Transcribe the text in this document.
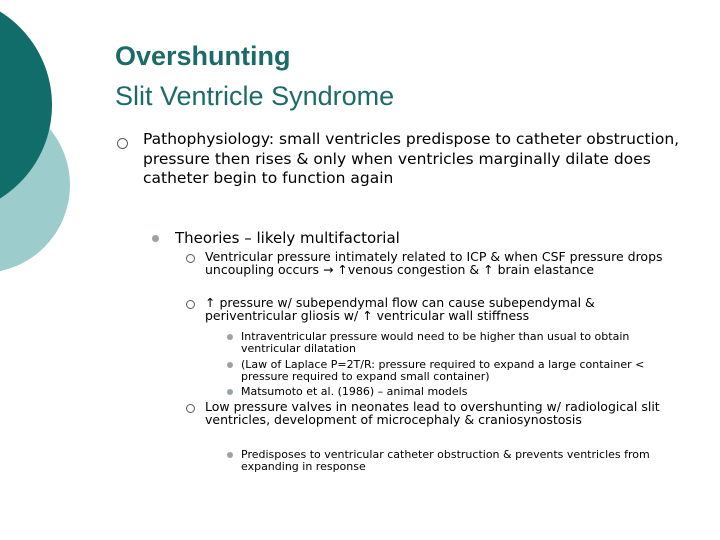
Overshunting
Slit Ventricle Syndrome
Pathophysiology: small ventricles predispose to catheter obstruction, pressure then rises & only when ventricles marginally dilate does catheter begin to function again
Theories – likely multifactorial
Ventricular pressure intimately related to ICP & when CSF pressure drops uncoupling occurs → ↑venous congestion & ↑ brain elastance
↑ pressure w/ subependymal flow can cause subependymal & periventricular gliosis w/ ↑ ventricular wall stiffness
Intraventricular pressure would need to be higher than usual to obtain ventricular dilatation
(Law of Laplace P=2T/R: pressure required to expand a large container < pressure required to expand small container)
Matsumoto et al. (1986) – animal models
Low pressure valves in neonates lead to overshunting w/ radiological slit ventricles, development of microcephaly & craniosynostosis
Predisposes to ventricular catheter obstruction & prevents ventricles from expanding in response
